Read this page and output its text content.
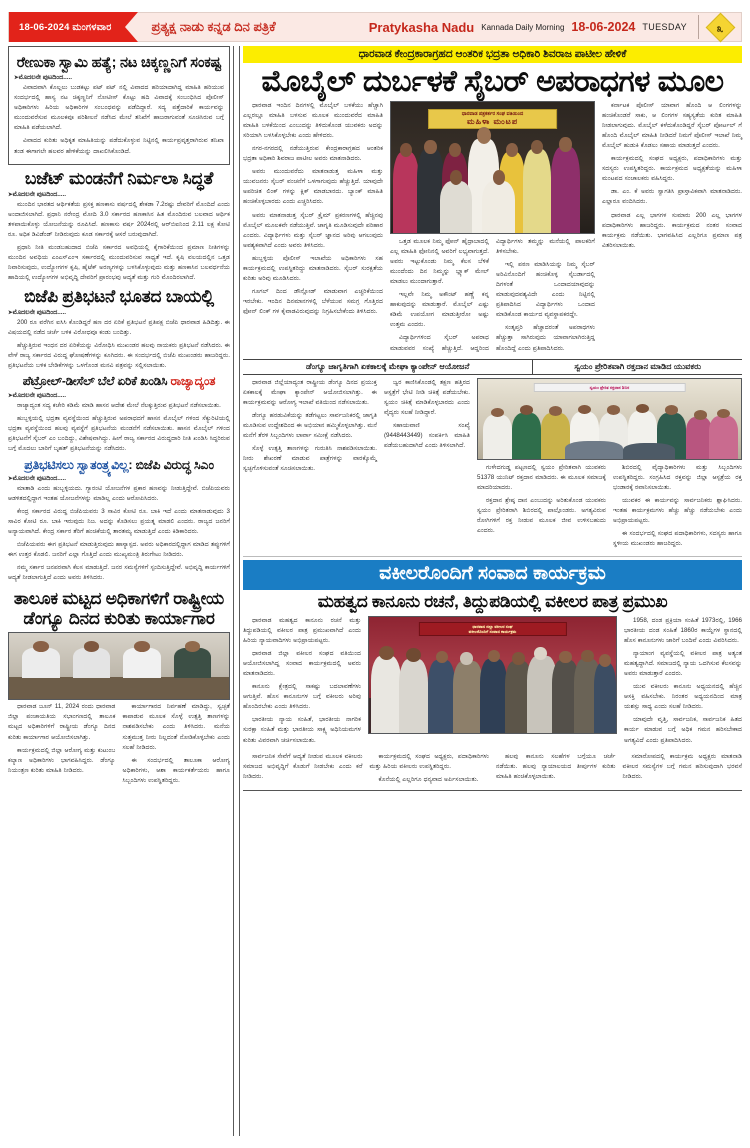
18-06-2024 ಮಂಗಳವಾರ	ಪ್ರತ್ಯಕ್ಷ ನಾಡು ಕನ್ನಡ ದಿನ ಪತ್ರಿಕೆ	Pratykasha Nadu Kannada Daily Morning 18-06-2024 TUESDAY	೩
ರೇಣುಕಾ ಸ್ವಾಮಿ ಹತ್ಯೆ; ನಟ ಚಿಕ್ಕಣ್ಣನಿಗೆ ಸಂಕಷ್ಟ
➤ ಮೊದಲನೇ ಪುಟದಿಂದ.....

ವಿವಾದವಾಗಿ ಕೊಲ್ಲಲು ಬುಡಕಟ್ಟು ಪಟ್ ಪಟ್ ನಲ್ಲಿ ವಿವಾದದ ಹರಿಯಾದಾಗಿದ್ದ ಮಾಹಿತಿ ಹರಿಯುವ ಸಂದರ್ಭದಲ್ಲಿ ಹಾಸ್ಯ ನಟ ಚಿಕ್ಕಣ್ಣನಿಗೆ ನೋಟೀಸ್ ಕೊಟ್ಟು ಹದಿ ವಿವಾದಕ್ಕೆ ಸಂಬಂಧಿಸಿದ ಪೊಲೀಸ್ ಅಧಿಕಾರಿಗಳು ಹಿರಿಯ ಅಧಿಕಾರಿಗಳ ಸಂಬಂಧವನ್ನು ಪಡೆದಿದ್ದಾರೆ. ಸದ್ಯ ಪತ್ತೆದಾರಿಕೆ ಕಾರ್ಯವನ್ನು ಮುಂದುವರೆಸುವ ಮೂಲಕವೂ ಪರಿಶೀಲನೆ ನಡೆಸಿದ ಮೇಲೆ ತನಿಖೆಗೆ ಹಾಜರಾಗುವಂತೆ ಸೂಚಿಸಿರುವ ಬಗ್ಗೆ ಮಾಹಿತಿ ಪಡೆಯಲಾಗಿದೆ.

ವಿವಾದದ ಕುರಿತು ಅಧಿಕೃತ ಮಾಹಿತಿಯನ್ನು ಪಡೆದುಕೊಳ್ಳುವ ನಿಟ್ಟಿನಲ್ಲಿ ಕಾರ್ಯಪ್ರವೃತ್ತರಾಗಿರುವ ತನಿಖಾ ತಂಡ ಈಗಾಗಲೇ ಹಲವರ ಹೇಳಿಕೆಯನ್ನು ದಾಖಲಿಸಿಕೊಂಡಿದೆ.

ಬಜೆಟ್ ಮಂಡನೆಗೆ ನಿರ್ಮಲಾ ಸಿದ್ಧತೆ
➤ ಮೊದಲನೇ ಪುಟದಿಂದ.....

ಮುಂದಿನ ಭಾರತದ ಆರ್ಥಿಕತೆಯ ಪ್ರಸಕ್ತ ಹಣಕಾಸು ವರ್ಷದಲ್ಲಿ ಶೇಕಡಾ 7.2ರಷ್ಟು ದೇವರಿಗೆ ಮೊಂದಿದೆ ಎಂದು ಅಂದಾಜಿಸಲಾಗಿದೆ. ಪ್ರಧಾನಿ ನರೇಂದ್ರ ಮೋದಿ 3.0 ಸರ್ಕಾರದ ಹಣಕಾಸಿನ ಹಿತ ಮೊಂದಿರುವ ಬಲವಾದ ಆರ್ಥಿಕ ತಳಪಾಯಿಕೊಳ್ಳು ಯೋಜನೆಯನ್ನು ರೂಪಿಸಿದೆ. ಹಣಕಾಸು ವರ್ಷ 2024ರಲ್ಲಿ ಆರ್‌ಬಿಐನಿಂದ 2.11 ಲಕ್ಷ ಕೋಟಿ ರೂ. ಅಧಿಕ ಡಿವಿಡೆಂಡ್ ನೀಡಿರುವುದು ಕೂಡ ಸರ್ಕಾರಕ್ಕೆ ಆಸರೆ ಬರುವುದಾಗಿದೆ.

ಪ್ರಧಾನಿ ನೀತಿ ಮಂಡಬಹುದಾದ ಬಿಜೆಪಿ ಸರ್ಕಾರದ ಅವಧಿಯಲ್ಲಿ ಕೈಗಾರಿಕೆಯಿಂದ ಪ್ರಮಾಣ ನೀತಿಗಳನ್ನು ಮುಂದಿನ ಅವಧಿಯ ಎಂಎಸ್‌ಎಂಇ ಸರ್ಕಾರದಲ್ಲಿ ಮುಂದುವರಿಸುವ ಸಾಧ್ಯತೆ ಇದೆ. ಕೃಷಿ ವಲಯದಲ್ಲಿನ ಒತ್ತಡ ನಿವಾರಿಸುವುದು, ಉದ್ಯೋಗಗಳ ಕೃಷಿ, ಹೈಟೆಕ್ ಅರಣ್ಯಗಳನ್ನು ಬಳಸಿಕೊಳ್ಳುವುದು ಮತ್ತು ಹಣಕಾಸಿನ ಬಲವರ್ಧನೆಯ ಹಾದಿಯಲ್ಲಿ ಉದ್ಯೋಗಗಳ ಅಭಿವೃದ್ಧಿ ದೇವರಿಗೆ ಪ್ರಾರಂಭವು ಆದ್ಯತೆ ಮತ್ತು ಗುರಿ ಮೊಂದಿರಲಾಗಿದೆ.

ಬಿಜೆಪಿ ಪ್ರತಿಭಟನೆ ಭೂತದ ಬಾಯಲ್ಲಿ
➤ ಮೊದಲನೇ ಪುಟದಿಂದ.....

200 ರೂ ವರೆಗಿನ ಐಸಿಸಿ ಕೊಂಡಿದ್ದರೆ ಹಣ ದರ ಏರಿಕೆ ಪ್ರತಿಭಟನೆ ಪ್ರತಿಪಕ್ಷ ಬಿಜೆಪಿ ಧಾರವಾಡ ಹಿಡಿದಿತ್ತು. ಈ ವಿಷಯದಲ್ಲಿ ನಡೆದ ಚರ್ಚೆ ಬಳಿಕ ವಿರೋಧವೂ ಕಂಡು ಬಂದಿತ್ತು.

ಹೆಚ್ಚುತ್ತಿರುವ ಇಂಧನ ದರ ಏರಿಕೆಯನ್ನು ವಿರೋಧಿಸಿ ಮುಖಂಡರ ಹಲವು ನಾಯಕರು ಪ್ರತಿಭಟನೆ ನಡೆಸಿದರು. ಈ ವೇಳೆ ರಾಜ್ಯ ಸರ್ಕಾರದ ವಿರುದ್ಧ ಘೋಷಣೆಗಳನ್ನು ಕೂಗಿದರು. ಈ ಸಂದರ್ಭದಲ್ಲಿ ಬಿಜೆಪಿ ಮುಖಂಡರು ಹಾಜರಿದ್ದರು. ಪ್ರತಿಭಟನೆಯ ಬಳಿಕ ಬೇಡಿಕೆಗಳನ್ನು ಒಳಗೊಂಡ ಮನವಿ ಪತ್ರವನ್ನು ಸಲ್ಲಿಸಲಾಯಿತು.

ಪೆಟ್ರೋಲ್-ಡೀಸೆಲ್ ಬೆಲೆ ಏರಿಕೆ ಖಂಡಿಸಿ ರಾಜ್ಯಾದ್ಯಂತ
➤ ಮೊದಲನೇ ಪುಟದಿಂದ.....

ರಾಜ್ಯಾದ್ಯಂತ ಸದ್ಯ ಕಚೇರಿ ಕಡಿಮೆ ಮಾಡಿ ಹಾಸನ ಆದೇಶ ಮೇಲೆ ನೆಲಕ್ಕುತ್ತಿರುವ ಪ್ರತಿಭಟನೆ ನಡೆಸಲಾಯಿತು.

ಹುಬ್ಬಳ್ಳಿಯಲ್ಲಿ ಭದ್ರತಾ ವ್ಯವಸ್ಥೆಯಿಂದ ಹೆಚ್ಚುತ್ತಿರುವ ಅಪರಾಧದಗೆ ಹಾಸನ ಮೊಬೈಲ್ ಗಳಿಂದ ಸೆಕ್ಯುರಿಟಿಯಲ್ಲಿ ಭದ್ರತಾ ವ್ಯವಸ್ಥೆಯಿಂದ ಹಲವು ವ್ಯವಸ್ಥೆಗೆ ಪ್ರತಿಭಟನೆಯ ಮಂಡನೆಗೆ ನಡೆಸಲಾಯಿತು. ಹಾಸನ ಮೊಬೈಲ್ ಗಳಿಂದ ಪ್ರತಿಭಟನೆಗೆ ಸೈಬರ್ ಎಂ ಬಂದಿದ್ದು, ವಿಶೇಷವಾಗಿದ್ದು. ಹೀಗೆ ರಾಜ್ಯ ಸರ್ಕಾರದ ವಿರುದ್ಧದಾರಿ ನೀತಿ ಖಂಡಿಸಿ ಸಿದ್ಧರಿರುವ ಬಗ್ಗೆ ಮೊದಲು ಬಾರಿಗೆ ಬೃಹತ್ ಪ್ರತಿಭಟನೆಯನ್ನು ನಡೆಸಿದರು.

ಪ್ರತಿಭಟಿಸಲು ಸ್ವಾತಂತ್ರ್ಯವಿಲ್ಲ: ಬಿಜೆಪಿ ವಿರುದ್ಧ ಸಿಎಂ
➤ ಮೊದಲನೇ ಪುಟದಿಂದ.....

ಮಾತಾಡಿ ಎಂದು ಹುಬ್ಬಳ್ಳಿಯದು. ಗ್ಯಾರಂಟಿ ಯೋಜನೆಗಳ ಪ್ರಕಾರ ಹಣವನ್ನು ನೀಡುತ್ತಿದ್ದೇವೆ. ಬಿಜೆಪಿಯವರು ಆಡಳಿತದಲ್ಲಿದ್ದಾಗ ಇಂತಹ ಯೋಜನೆಗಳನ್ನು ಮಾಡಿಲ್ಲ ಎಂದು ಆರೋಪಿಸಿದರು.

ಕೇಂದ್ರ ಸರ್ಕಾರದ ವಿರುದ್ಧ ಬಿಜೆಪಿಯವರು 3 ಸಾವಿರ ಕೋಟಿ ರೂ. ಬಾಕಿ ಇದೆ ಎಂದು ಮಾತನಾಡುವುದು 3 ಸಾವಿರ ಕೋಟಿ ರೂ. ಬಾಕಿ ಇರುವುದು ನಿಜ. ಅದನ್ನು ಕೊಡಿಸಲು ಪ್ರಯತ್ನ ಮಾಡಲಿ ಎಂದರು. ರಾಜ್ಯದ ಜನರಿಗೆ ಅನ್ಯಾಯವಾಗಿದೆ. ಕೇಂದ್ರ ಸರ್ಕಾರ ತೆರಿಗೆ ಹಂಚಿಕೆಯಲ್ಲಿ ತಾರತಮ್ಯ ಮಾಡುತ್ತಿದೆ ಎಂದು ಕಿಡಿಕಾರಿದರು.

ಬಿಜೆಪಿಯವರು ಈಗ ಪ್ರತಿಭಟನೆ ಮಾಡುತ್ತಿರುವುದು ಹಾಸ್ಯಾಸ್ಪದ. ಅವರು ಅಧಿಕಾರದಲ್ಲಿದ್ದಾಗ ಮಾಡಿದ ತಪ್ಪುಗಳಿಗೆ ಈಗ ಉತ್ತರ ಕೊಡಲಿ. ಜನರಿಗೆ ಎಲ್ಲಾ ಗೊತ್ತಿದೆ ಎಂದು ಮುಖ್ಯಮಂತ್ರಿ ತಿರುಗೇಟು ನೀಡಿದರು.

ನಮ್ಮ ಸರ್ಕಾರ ಜನಪರವಾಗಿ ಕೆಲಸ ಮಾಡುತ್ತಿದೆ. ಜನರ ಸಮಸ್ಯೆಗಳಿಗೆ ಸ್ಪಂದಿಸುತ್ತಿದ್ದೇವೆ. ಅಭಿವೃದ್ಧಿ ಕಾರ್ಯಗಳಿಗೆ ಆದ್ಯತೆ ನೀಡಲಾಗುತ್ತಿದೆ ಎಂದು ಅವರು ತಿಳಿಸಿದರು.

ತಾಲೂಕ ಮಟ್ಟದ ಅಧಿಕಾಗಳಿಗೆ ರಾಷ್ಟ್ರೀಯ
ಡೆಂಗ್ಯೂ ದಿನದ ಕುರಿತು ಕಾರ್ಯಾಗಾರ

ಧಾರವಾಡ ಜೂನ್ 11, 2024 ರಂದು ಧಾರವಾಡ ಜಿಲ್ಲಾ ಪಂಚಾಯತಿಯ ಸಭಾಂಗಣದಲ್ಲಿ ತಾಲೂಕ ಮಟ್ಟದ ಅಧಿಕಾರಿಗಳಿಗೆ ರಾಷ್ಟ್ರೀಯ ಡೆಂಗ್ಯೂ ದಿನದ ಕುರಿತು ಕಾರ್ಯಾಗಾರ ಆಯೋಜಿಸಲಾಗಿತ್ತು.

ಕಾರ್ಯಕ್ರಮದಲ್ಲಿ ಜಿಲ್ಲಾ ಆರೋಗ್ಯ ಮತ್ತು ಕುಟುಂಬ ಕಲ್ಯಾಣ ಅಧಿಕಾರಿಗಳು ಭಾಗವಹಿಸಿದ್ದರು. ಡೆಂಗ್ಯೂ ನಿಯಂತ್ರಣ ಕುರಿತು ಮಾಹಿತಿ ನೀಡಿದರು.

ಕಾರ್ಯಾಗಾರದ ನಿರ್ವಹಣೆ ಮಾಡಿದ್ದು, ಸ್ವಚ್ಛತೆ ಕಾಪಾಡುವ ಮೂಲಕ ಸೊಳ್ಳೆ ಉತ್ಪತ್ತಿ ತಾಣಗಳನ್ನು ನಾಶಪಡಿಸಬೇಕು ಎಂದು ತಿಳಿಸಿದರು. ಮನೆಯ ಸುತ್ತಮುತ್ತ ನೀರು ನಿಲ್ಲದಂತೆ ನೋಡಿಕೊಳ್ಳಬೇಕು ಎಂದು ಸಲಹೆ ನೀಡಿದರು.

ಈ ಸಂದರ್ಭದಲ್ಲಿ ತಾಲೂಕಾ ಆರೋಗ್ಯ ಅಧಿಕಾರಿಗಳು, ಆಶಾ ಕಾರ್ಯಕರ್ತೆಯರು ಹಾಗೂ ಸಿಬ್ಬಂದಿಗಳು ಉಪಸ್ಥಿತರಿದ್ದರು.

ಧಾರವಾಡ ಕೇಂದ್ರಕಾರಾಗ್ರಹದ ಆಂತರಿಕ ಭದ್ರತಾ ಅಧಿಕಾರಿ ಶಿವರಾಜ ಪಾಟೀಲ ಹೇಳಿಕೆ
ಮೊಬೈಲ್ ದುರ್ಬಳಕೆ ಸೈಬರ್ ಅಪರಾಧಗಳ ಮೂಲ

ಧಾರವಾಡ ಇಂದಿನ ದಿನಗಳಲ್ಲಿ ಮೊಬೈಲ್ ಬಳಕೆಯು ಹೆಚ್ಚಾಗಿ ಎಲ್ಲರಲ್ಲೂ ಮಾಹಿತಿ ಬಳಸುವ ಮೂಲಕ ಮುಂದುವರೆದ ಮಾಹಿತಿ ಮಾಹಿತಿ ಬಳಕೆಯಿಂದ ಎಂಬುದನ್ನು ತಿಳಿದುಕೊಂಡ ಯುವಕರು ಅದನ್ನು ಸರಿಯಾಗಿ ಬಳಸಿಕೊಳ್ಳಬೇಕು ಎಂದು ಹೇಳಿದರು.

ನಗರ-ನಗರದಲ್ಲಿ ನಡೆಯುತ್ತಿರುವ ಕೇಂದ್ರಕಾರಾಗ್ರಹದ ಆಂತರಿಕ ಭದ್ರತಾ ಅಧಿಕಾರಿ ಶಿವರಾಜ ಪಾಟೀಲ ಅವರು ಮಾತನಾಡಿದರು.

ಅವರು ಮುಂದುವರೆದು ಮಾತನಾಡುತ್ತ ಮಹಿಳಾ ಮತ್ತು ಯುವಜನರು ಸೈಬರ್ ವಂಚನೆಗೆ ಒಳಗಾಗುವುದು ಹೆಚ್ಚುತ್ತಿದೆ. ಯಾವುದೇ ಅಪರಿಚಿತ ಲಿಂಕ್ ಗಳನ್ನು ಕ್ಲಿಕ್ ಮಾಡಬಾರದು. ಬ್ಯಾಂಕ್ ಮಾಹಿತಿ ಹಂಚಿಕೊಳ್ಳಬಾರದು ಎಂದು ಎಚ್ಚರಿಸಿದರು.

ಅವರು ಮಾತನಾಡುತ್ತ ಸೈಬರ್ ಕ್ರೈಮ್ ಪ್ರಕರಣಗಳಲ್ಲಿ ಹೆಚ್ಚಿನವು ಮೊಬೈಲ್ ಮೂಲಕವೇ ನಡೆಯುತ್ತಿವೆ. ಜಾಗೃತಿ ಮೂಡಿಸುವುದೇ ಪರಿಹಾರ ಎಂದರು. ವಿದ್ಯಾರ್ಥಿಗಳು ಮತ್ತು ಸೈಬರ್ ಜ್ಞಾನದ ಅರಿವು ಆಗಲುವುದು ಅವಶ್ಯಕವಾಗಿದೆ ಎಂದು ಅವರು ತಿಳಿಸಿದರು.

ಹುಬ್ಬಳ್ಳಿಯ ಪೊಲೀಸ್ ಇಲಾಖೆಯ ಅಧಿಕಾರಿಗಳು ಸಹ ಕಾರ್ಯಕ್ರಮದಲ್ಲಿ ಉಪಸ್ಥಿತರಿದ್ದು ಮಾತನಾಡಿದರು. ಸೈಬರ್ ಸುರಕ್ಷತೆಯ ಕುರಿತು ಅರಿವು ಮೂಡಿಸಿದರು.

ಗೂಗಲ್ ದಿಂದ ಡೌನ್ಲೋಡ್ ಮಾಡುವಾಗ ಎಚ್ಚರಿಕೆಯಿಂದ ಇರಬೇಕು. ಇಂದಿನ ದಿನಮಾನಗಳಲ್ಲಿ ಬೆಳೆಯುವ ಸಮಗ್ರ ಗೊತ್ತಿರದ ಫೋನ್ ಲಿಂಕ್ ಗಳ ಕೈವಾಡವಿರುವುದನ್ನು ನಿಗ್ರಹಿಸಬೇಕೆಂದು ತಿಳಿಸಿದರು.

ಧಾರವಾಡ ಪತ್ರಕರ್ತರ ಸಂಘ ವತಿಯಿಂದ
ಮಹಿಳಾ ಮಂಟಪ

ಒತ್ತಡ ಮೂಲಕ ನಿಮ್ಮ ಫೋನ್ ಹೈದ್ರಾಬಾದಲ್ಲಿ ಎಲ್ಲ ಮಾಹಿತಿ ಫೋನಿನಲ್ಲಿ ಅವರಿಗೆ ಲಭ್ಯವಾಗುತ್ತದೆ. ಅವರು ಇಟ್ಟುಕೊಂಡು ನಿಮ್ಮ ಕೆಲಸ ಬೆಳಿಕೆ ಮುಂದೆಂದು ದಿನ ನಿಮ್ಮನ್ನು ಬ್ಲ್ಯಾಕ್ ಮೇಲ್ ಮಾಡಲು ಮುಂದಾಗುತ್ತಾರೆ.

ಇಲ್ಲವೇ ನಿಮ್ಮ ಅಕೌಂಟ್ ಹಣ್ಣೆ ಕನ್ನ ಹಾಕುವುದನ್ನು ಮಾಡುತ್ತಾರೆ. ಮೊಬೈಲ್ ಎಷ್ಟು ಕಡಿಮೆ ಉಪಯೋಗ ಮಾಡುತ್ತೀರೋ ಅಷ್ಟು ಉತ್ತಮ ಎಂದರು.

ವಿದ್ಯಾರ್ಥಿಗಳಿಂದ ಸೈಬರ್ ಅಪರಾಧ ಮಾಡುವವರ ಸಂಖ್ಯೆ ಹೆಚ್ಚುತ್ತಿದೆ. ಆದ್ದರಿಂದ ವಿದ್ಯಾರ್ಥಿಗಳು ತಮ್ಮನ್ನು ಮನೆಯಲ್ಲಿ ಪಾಲಕರಿಗೆ ತಿಳಿಸಬೇಕು.

ಇಲ್ಲಿ ಪಠಣ ಮಾಡಿಸಿಯನ್ನು ನಿಮ್ಮ ಸೈಬರ್ ಅರಿವಿನೊಂದಿಗೆ ಹಂಚಿಕೊಳ್ಳ ಸೈಬರ್ಡಾದಲ್ಲಿ ದಿಗಳಂತೆ ಒಂದಾದಯಾವುದನ್ನು ಮಾಡುವುದವಶ್ಯವಿದೇ ಎಂದು ನಿಟ್ಟಿನಲ್ಲಿ ಪ್ರತಿಪಾದಿಸಿದ ವಿದ್ಯಾರ್ಥಿಗಳು ಒಂದಾದ ಮಾಡಿಕೊಂಡ ಕಾರ್ಯದ ವ್ಯವಸ್ಥಾಪಕರದ್ದೇ.

ಸಂತೃಪ್ತರಿ ಹೆಚ್ಚಾದರಂತೆ ಅಪರಾಧಗಳು ಹೆಚ್ಚುತ್ತಾ ಸಾಗಿರುವುದು ಯಾವಾಗಲಾಗಿರುತ್ತಿದ್ದ ಹೊಂದಿದ್ದೆ ಎಂದು ಪ್ರತಿಪಾದಿಸಿದರು.

ಕರ್ನಾಟಕ ಪೊಲೀಸ್ ಯಾವಾಗ ಹೊಂದಿ ಆ ಲಿಂಗಗಳನ್ನು ಹಂಚಿಕೊಂಡರೆ ಸಾಕು, ಆ ಲಿಂಗಗಳ ಸಹ್ಯಸ್ಯತೆಯ ಕುರಿತ ಮಾಹಿತಿ ನೀಡಲಾಗುವುದು. ಮೊಬೈಲ್ ಕಳೆದುಕೊಂಡಿದ್ದರೆ ಸೈಬರ್ ಪೋರ್ಟಲ್ ಗೆ ಹೊಂದಿ ಮೊಬೈಲ್ ಮಾಹಿತಿ ನೀಡಿದರೆ ನಿಮಗೆ ಪೊಲೀಸ್ ಇಲಾಖೆ ನಿಮ್ಮ ಮೊಬೈಲ್ ಹುಡುಕಿ ಕೊಡಲು ಸಹಾಯ ಮಾಡುತ್ತದೆ ಎಂದರು.

ಕಾರ್ಯಕ್ರಮದಲ್ಲಿ ಸಂಘದ ಅಧ್ಯಕ್ಷರು, ಪದಾಧಿಕಾರಿಗಳು ಮತ್ತು ಸದಸ್ಯರು ಉಪಸ್ಥಿತರಿದ್ದರು. ಕಾರ್ಯಕ್ರಮದ ಅಧ್ಯಕ್ಷತೆಯನ್ನು ಮಹಿಳಾ ಮಂಟಪದ ಸಂಚಾಲಕರು ವಹಿಸಿದ್ದರು.

ಡಾ. ಎಂ. ಕೆ ಅವರು ಸ್ವಾಗತಿಸಿ ಪ್ರಾಸ್ತಾವಿಕವಾಗಿ ಮಾತನಾಡಿದರು. ಎಲ್ಲಾರೂ ವಂದಿಸಿದರು.

ಧಾರವಾಡ ಎಲ್ಲ ಭಾಗಗಳ ಸುಮಾರು 200 ಎಲ್ಲ ಭಾಗಗಳ ಪದಾಧಿಕಾರಿಗಳು ಹಾಜರಿದ್ದರು. ಕಾರ್ಯಕ್ರಮದ ನಂತರ ಸಂವಾದ ಕಾರ್ಯಕ್ರಮ ನಡೆಯಿತು. ಭಾಗವಹಿಸಿದ ಎಲ್ಲರಿಗೂ ಪ್ರಮಾಣ ಪತ್ರ ವಿತರಿಸಲಾಯಿತು.

ಡೆಂಗ್ಯೂ ಜಾಗೃತಿಗಾಗಿ ಏಕಕಾಲಕ್ಕೆ ಮೇಘಾ ಕ್ಯಾಂಪೇನ್ ಆಯೋಜನೆ	ಸ್ವಯಂ ಪ್ರೇರಿತವಾಗಿ ರಕ್ತದಾನ ಮಾಡಿದ ಯುವಕರು

ಧಾರವಾಡ ಜಿಲ್ಲೆಯಾದ್ಯಂತ ರಾಷ್ಟ್ರೀಯ ಡೆಂಗ್ಯೂ ದಿನದ ಪ್ರಯುಕ್ತ ಏಕಕಾಲಕ್ಕೆ ಮೇಘಾ ಕ್ಯಾಂಪೇನ್ ಆಯೋಜಿಸಲಾಗಿತ್ತು. ಈ ಕಾರ್ಯಕ್ರಮವನ್ನು ಆರೋಗ್ಯ ಇಲಾಖೆ ವತಿಯಿಂದ ನಡೆಸಲಾಯಿತು.

ಡೆಂಗ್ಯೂ ಹರಡುವಿಕೆಯನ್ನು ತಡೆಗಟ್ಟಲು ಸಾರ್ವಜನಿಕರಲ್ಲಿ ಜಾಗೃತಿ ಮೂಡಿಸುವ ಉದ್ದೇಶದಿಂದ ಈ ಅಭಿಯಾನ ಹಮ್ಮಿಕೊಳ್ಳಲಾಗಿತ್ತು. ಮನೆ ಮನೆಗೆ ತೆರಳಿ ಸಿಬ್ಬಂದಿಗಳು ಲಾರ್ವಾ ಸಮೀಕ್ಷೆ ನಡೆಸಿದರು.

ಸೊಳ್ಳೆ ಉತ್ಪತ್ತಿ ತಾಣಗಳನ್ನು ಗುರುತಿಸಿ ನಾಶಪಡಿಸಲಾಯಿತು. ನೀರು ಶೇಖರಣೆ ಮಾಡುವ ಪಾತ್ರೆಗಳನ್ನು ವಾರಕ್ಕೊಮ್ಮೆ ಸ್ವಚ್ಛಗೊಳಿಸುವಂತೆ ಸೂಚಿಸಲಾಯಿತು.

ಜ್ವರ ಕಾಣಿಸಿಕೊಂಡಲ್ಲಿ ತಕ್ಷಣ ಹತ್ತಿರದ ಆಸ್ಪತ್ರೆಗೆ ಭೇಟಿ ನೀಡಿ ಚಿಕಿತ್ಸೆ ಪಡೆಯಬೇಕು. ಸ್ವಯಂ ಚಿಕಿತ್ಸೆ ಮಾಡಿಕೊಳ್ಳಬಾರದು ಎಂದು ವೈದ್ಯರು ಸಲಹೆ ನೀಡಿದ್ದಾರೆ.

ಸಹಾಯವಾಣಿ ಸಂಖ್ಯೆ (9448443449) ಸಂಪರ್ಕಿಸಿ ಮಾಹಿತಿ ಪಡೆಯಬಹುದಾಗಿದೆ ಎಂದು ತಿಳಿಸಲಾಗಿದೆ.

ಸ್ವಯಂ ಪ್ರೇರಿತ ರಕ್ತದಾನ ಶಿಬಿರ

ಗುಳೇದಗುಡ್ಡ ಪಟ್ಟಣದಲ್ಲಿ ಸ್ವಯಂ ಪ್ರೇರಿತವಾಗಿ ಯುವಕರು 51378 ಯುನಿಟ್ ರಕ್ತದಾನ ಮಾಡಿದರು. ಈ ಮೂಲಕ ಸಮಾಜಕ್ಕೆ ಮಾದರಿಯಾದರು.

ರಕ್ತದಾನ ಶ್ರೇಷ್ಠ ದಾನ ಎಂಬುದನ್ನು ಅರಿತುಕೊಂಡ ಯುವಕರು ಸ್ವಯಂ ಪ್ರೇರಿತರಾಗಿ ಶಿಬಿರದಲ್ಲಿ ಪಾಲ್ಗೊಂಡರು. ಅಗತ್ಯವಿರುವ ರೋಗಿಗಳಿಗೆ ರಕ್ತ ನೀಡುವ ಮೂಲಕ ಜೀವ ಉಳಿಸಬಹುದು ಎಂದರು.

ಶಿಬಿರದಲ್ಲಿ ವೈದ್ಯಾಧಿಕಾರಿಗಳು ಮತ್ತು ಸಿಬ್ಬಂದಿಗಳು ಉಪಸ್ಥಿತರಿದ್ದರು. ಸಂಗ್ರಹಿಸಿದ ರಕ್ತವನ್ನು ಜಿಲ್ಲಾ ಆಸ್ಪತ್ರೆಯ ರಕ್ತ ಭಂಡಾರಕ್ಕೆ ರವಾನಿಸಲಾಯಿತು.

ಯುವಕರ ಈ ಕಾರ್ಯವನ್ನು ಸಾರ್ವಜನಿಕರು ಶ್ಲಾಘಿಸಿದರು. ಇಂತಹ ಕಾರ್ಯಕ್ರಮಗಳು ಹೆಚ್ಚು ಹೆಚ್ಚು ನಡೆಯಬೇಕು ಎಂದು ಅಭಿಪ್ರಾಯಪಟ್ಟರು.

ಈ ಸಂದರ್ಭದಲ್ಲಿ ಸಂಘದ ಪದಾಧಿಕಾರಿಗಳು, ಸದಸ್ಯರು ಹಾಗೂ ಸ್ಥಳೀಯ ಮುಖಂಡರು ಹಾಜರಿದ್ದರು.

ವಕೀಲರೊಂದಿಗೆ ಸಂವಾದ ಕಾರ್ಯಕ್ರಮ
ಮಹತ್ವದ ಕಾನೂನು ರಚನೆ, ತಿದ್ದುಪಡಿಯಲ್ಲಿ ವಕೀಲರ ಪಾತ್ರ ಪ್ರಮುಖ

ಧಾರವಾಡ ಮಹತ್ವದ ಕಾನೂನು ರಚನೆ ಮತ್ತು ತಿದ್ದುಪಡಿಯಲ್ಲಿ ವಕೀಲರ ಪಾತ್ರ ಪ್ರಮುಖವಾಗಿದೆ ಎಂದು ಹಿರಿಯ ನ್ಯಾಯವಾದಿಗಳು ಅಭಿಪ್ರಾಯಪಟ್ಟರು.

ಧಾರವಾಡ ಜಿಲ್ಲಾ ವಕೀಲರ ಸಂಘದ ವತಿಯಿಂದ ಆಯೋಜಿಸಲಾಗಿದ್ದ ಸಂವಾದ ಕಾರ್ಯಕ್ರಮದಲ್ಲಿ ಅವರು ಮಾತನಾಡಿದರು.

ಕಾನೂನು ಕ್ಷೇತ್ರದಲ್ಲಿ ಸಾಕಷ್ಟು ಬದಲಾವಣೆಗಳು ಆಗುತ್ತಿವೆ. ಹೊಸ ಕಾನೂನುಗಳ ಬಗ್ಗೆ ವಕೀಲರು ಅರಿವು ಹೊಂದಿರಬೇಕು ಎಂದು ತಿಳಿಸಿದರು.

ಭಾರತೀಯ ನ್ಯಾಯ ಸಂಹಿತೆ, ಭಾರತೀಯ ನಾಗರಿಕ ಸುರಕ್ಷಾ ಸಂಹಿತೆ ಮತ್ತು ಭಾರತೀಯ ಸಾಕ್ಷ್ಯ ಅಧಿನಿಯಮಗಳ ಕುರಿತು ವಿವರವಾಗಿ ಚರ್ಚಿಸಲಾಯಿತು.

ಧಾರವಾಡ ಜಿಲ್ಲಾ ವಕೀಲರ ಸಂಘ
ವಕೀಲರೊಂದಿಗೆ ಸಂವಾದ ಕಾರ್ಯಕ್ರಮ

1958, ದಂಡ ಪ್ರಕ್ರಿಯಾ ಸಂಹಿತೆ 1973ರಲ್ಲಿ, 1966 ಭಾರತೀಯ ದಂಡ ಸಂಹಿತೆ 1860ರ ಕಾಯ್ದೆಗಳ ಸ್ಥಾನದಲ್ಲಿ ಹೊಸ ಕಾನೂನುಗಳು ಜಾರಿಗೆ ಬಂದಿವೆ ಎಂದು ವಿವರಿಸಿದರು.

ನ್ಯಾಯಾಂಗ ವ್ಯವಸ್ಥೆಯಲ್ಲಿ ವಕೀಲರ ಪಾತ್ರ ಅತ್ಯಂತ ಮಹತ್ವದ್ದಾಗಿದೆ. ಸಮಾಜದಲ್ಲಿ ನ್ಯಾಯ ಒದಗಿಸುವ ಕೆಲಸವನ್ನು ಅವರು ಮಾಡುತ್ತಾರೆ ಎಂದರು.

ಯುವ ವಕೀಲರು ಕಾನೂನು ಅಧ್ಯಯನದಲ್ಲಿ ಹೆಚ್ಚಿನ ಆಸಕ್ತಿ ವಹಿಸಬೇಕು. ನಿರಂತರ ಅಧ್ಯಯನದಿಂದ ಮಾತ್ರ ಯಶಸ್ಸು ಸಾಧ್ಯ ಎಂದು ಸಲಹೆ ನೀಡಿದರು.

ಯಾವುದೇ ವೃತ್ತಿ, ಸಾರ್ವಜನಿಕ, ಸಾರ್ವಜನಿಕ ಹಿತದ ಕಾರ್ಯ ಮಾಡುವ ಬಗ್ಗೆ ಅಧಿಕ ಗಮನ ಹರಿಸಬೇಕಾದ ಅಗತ್ಯವಿದೆ ಎಂದು ಪ್ರತಿಪಾದಿಸಿದರು.

ಸಾರ್ವಜನಿಕ ಸೇವೆಗೆ ಆದ್ಯತೆ ನೀಡುವ ಮೂಲಕ ವಕೀಲರು ಸಮಾಜದ ಅಭಿವೃದ್ಧಿಗೆ ಕೊಡುಗೆ ನೀಡಬೇಕು ಎಂದು ಕರೆ ನೀಡಿದರು.

ಕಾರ್ಯಕ್ರಮದಲ್ಲಿ ಸಂಘದ ಅಧ್ಯಕ್ಷರು, ಪದಾಧಿಕಾರಿಗಳು ಮತ್ತು ಹಿರಿಯ ವಕೀಲರು ಉಪಸ್ಥಿತರಿದ್ದರು.

ಕೊನೆಯಲ್ಲಿ ಎಲ್ಲರಿಗೂ ಧನ್ಯವಾದ ಅರ್ಪಿಸಲಾಯಿತು.

ಹಲವು ಕಾನೂನು ಸಲಹೆಗಳ ಬಗ್ಗೆಯೂ ಚರ್ಚೆ ನಡೆಯಿತು. ಹಲವು ನ್ಯಾಯಾಲಯದ ತೀರ್ಪುಗಳ ಕುರಿತು ಮಾಹಿತಿ ಹಂಚಿಕೊಳ್ಳಲಾಯಿತು.

ಸಮಾರೋಪದಲ್ಲಿ ಕಾರ್ಯಕ್ರಮ ಅಧ್ಯಕ್ಷರು ಮಾತನಾಡಿ ವಕೀಲರ ಸಮಸ್ಯೆಗಳ ಬಗ್ಗೆ ಗಮನ ಹರಿಸುವುದಾಗಿ ಭರವಸೆ ನೀಡಿದರು.
